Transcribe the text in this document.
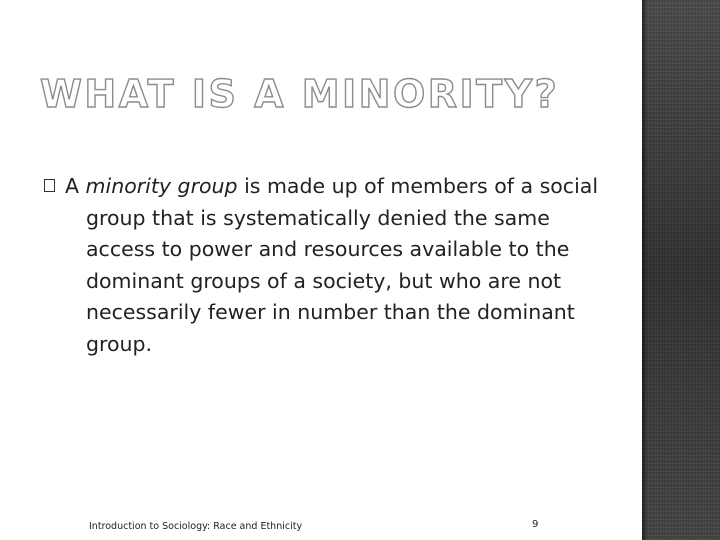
WHAT IS A MINORITY?

A minority group is made up of members of a social group that is systematically denied the same access to power and resources available to the dominant groups of a society, but who are not necessarily fewer in number than the dominant group.

Introduction to Sociology: Race and Ethnicity	9
